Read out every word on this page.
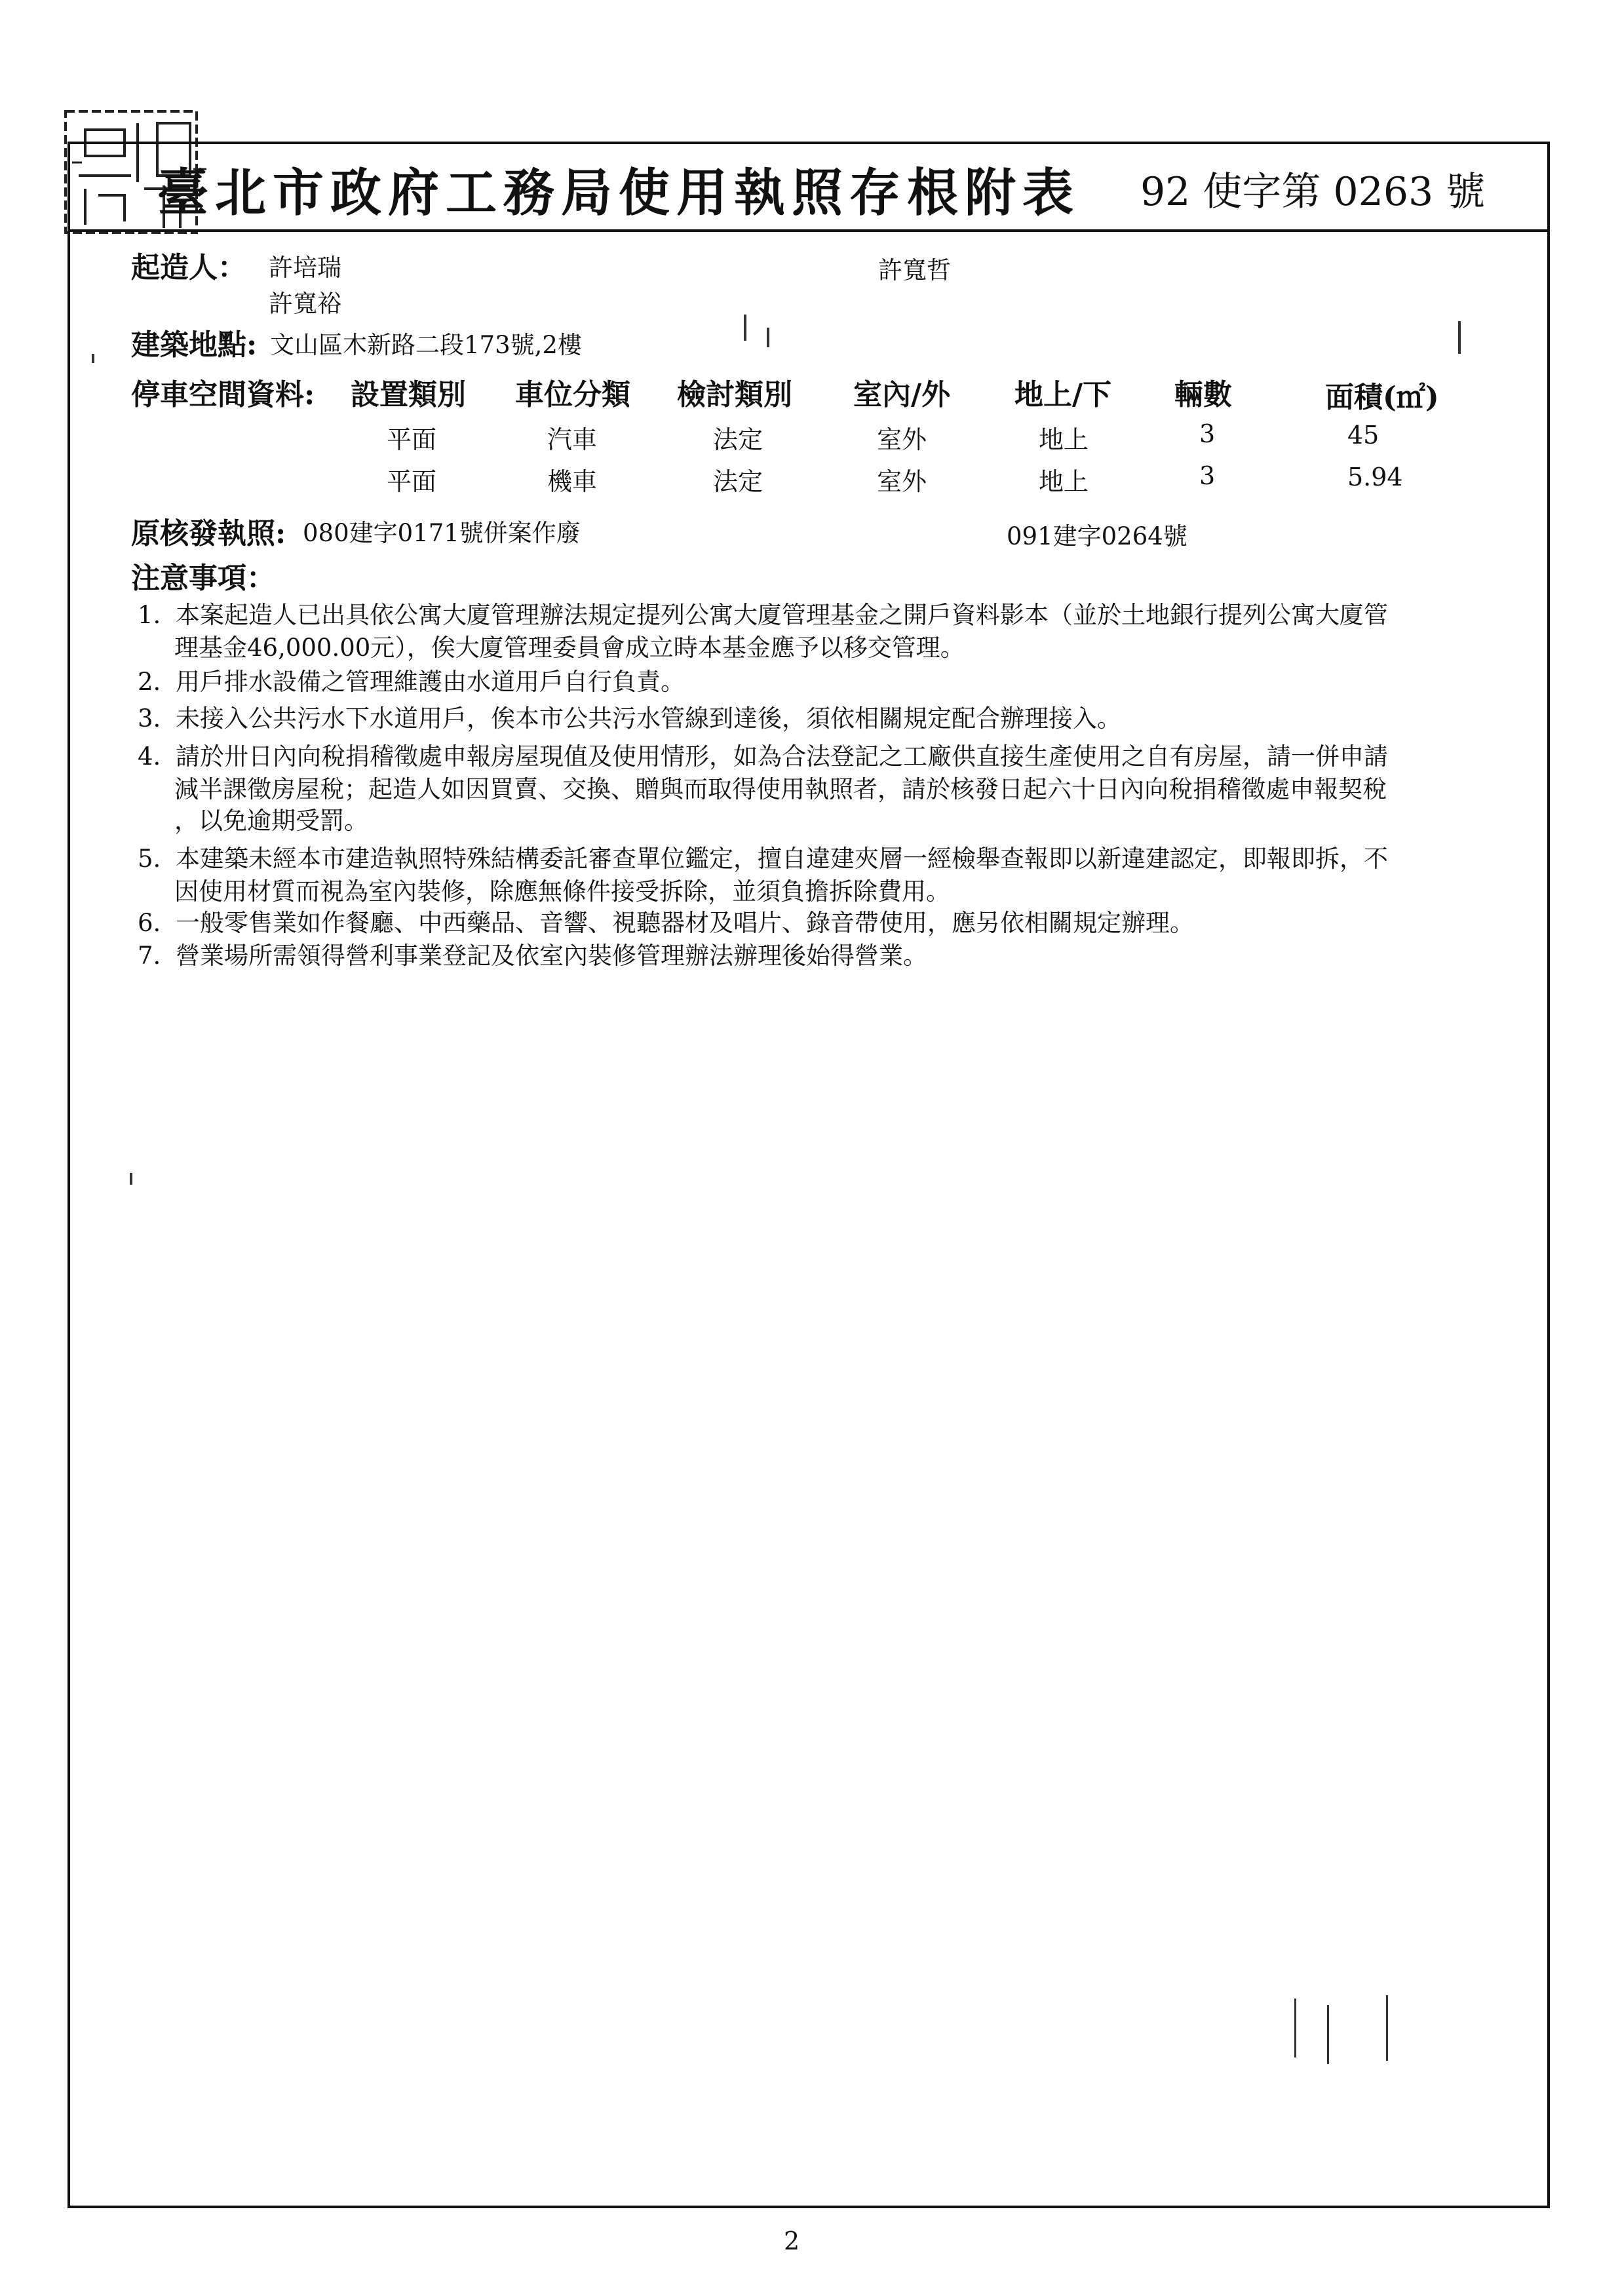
臺北市政府工務局使用執照存根附表 92 使字第 0263 號
起造人： 許培瑞
許寬裕
許寬哲
建築地點: 文山區木新路二段173號,2樓
停車空間資料: 設置類別 車位分類 檢討類別 室內/外 地上/下 輛數	面積(㎡)
平面	汽車	法定	室外	地上	3	45
平面	機車	法定	室外	地上	3	5.94
原核發執照: 080建字0171號併案作廢	091建字0264號
注意事項：
1. 本案起造人已出具依公寓大廈管理辦法規定提列公寓大廈管理基金之開戶資料影本（並於土地銀行提列公寓大廈管
理基金46,000.00元），俟大廈管理委員會成立時本基金應予以移交管理。
2. 用戶排水設備之管理維護由水道用戶自行負責。
3. 未接入公共污水下水道用戶，俟本市公共污水管線到達後，須依相關規定配合辦理接入。
4. 請於卅日內向稅捐稽徵處申報房屋現值及使用情形，如為合法登記之工廠供直接生產使用之自有房屋，請一併申請
減半課徵房屋稅；起造人如因買賣、交換、贈與而取得使用執照者，請於核發日起六十日內向稅捐稽徵處申報契稅
，以免逾期受罰。
5. 本建築未經本市建造執照特殊結構委託審查單位鑑定，擅自違建夾層一經檢舉查報即以新違建認定，即報即拆，不
因使用材質而視為室內裝修，除應無條件接受拆除，並須負擔拆除費用。
6. 一般零售業如作餐廳、中西藥品、音響、視聽器材及唱片、錄音帶使用，應另依相關規定辦理。
7. 營業場所需領得營利事業登記及依室內裝修管理辦法辦理後始得營業。
2
